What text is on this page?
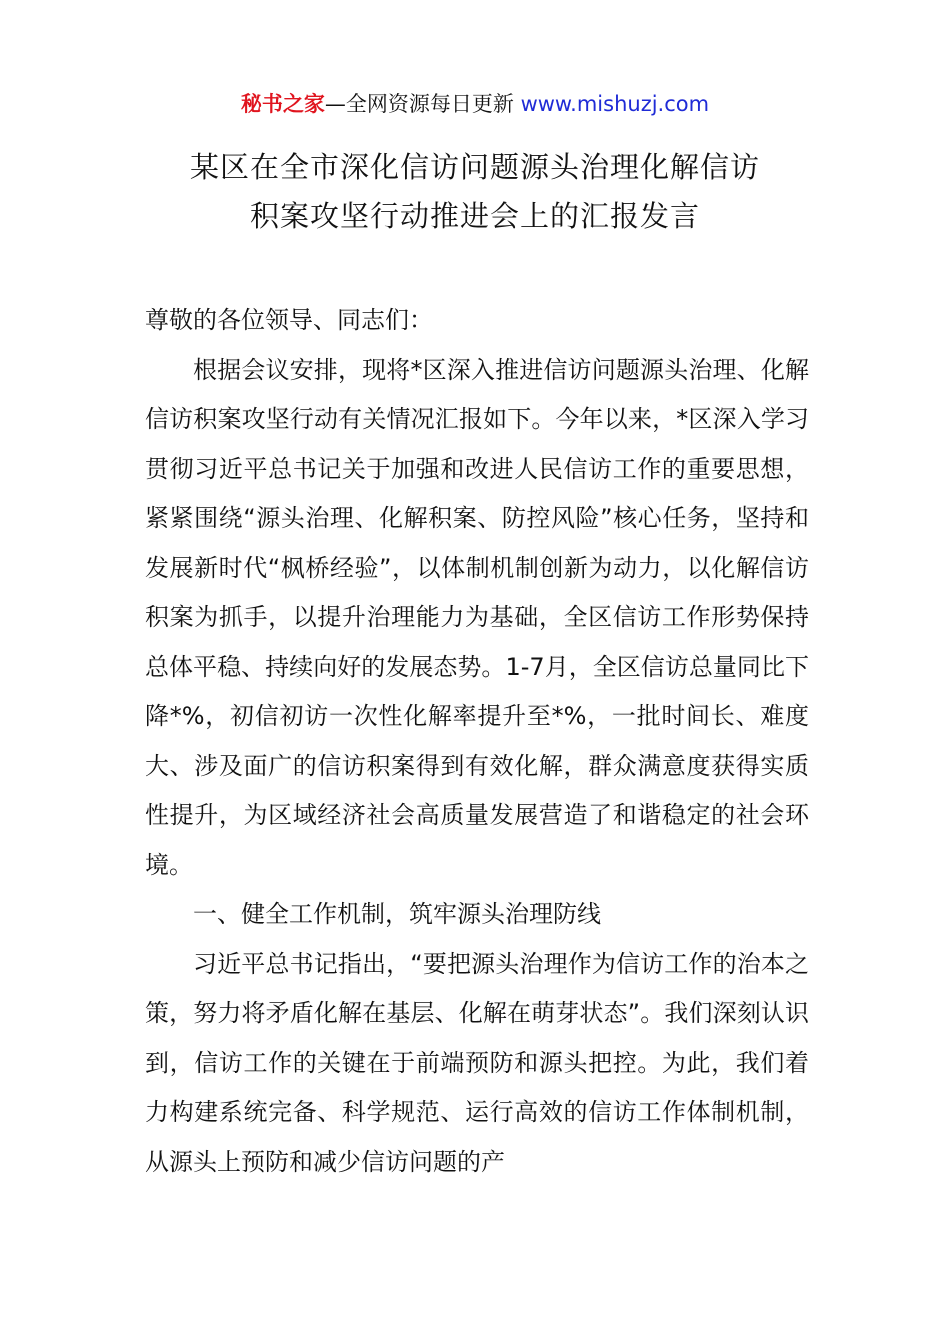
秘书之家—全网资源每日更新 www.mishuzj.com
某区在全市深化信访问题源头治理化解信访
积案攻坚行动推进会上的汇报发言

尊敬的各位领导、同志们：

根据会议安排，现将*区深入推进信访问题源头治理、化解信访积案攻坚行动有关情况汇报如下。今年以来，*区深入学习贯彻习近平总书记关于加强和改进人民信访工作的重要思想，紧紧围绕“源头治理、化解积案、防控风险”核心任务，坚持和发展新时代“枫桥经验”，以体制机制创新为动力，以化解信访积案为抓手，以提升治理能力为基础，全区信访工作形势保持总体平稳、持续向好的发展态势。1-7月，全区信访总量同比下降*%，初信初访一次性化解率提升至*%，一批时间长、难度大、涉及面广的信访积案得到有效化解，群众满意度获得实质性提升，为区域经济社会高质量发展营造了和谐稳定的社会环境。

一、健全工作机制，筑牢源头治理防线

习近平总书记指出，“要把源头治理作为信访工作的治本之策，努力将矛盾化解在基层、化解在萌芽状态”。我们深刻认识到，信访工作的关键在于前端预防和源头把控。为此，我们着力构建系统完备、科学规范、运行高效的信访工作体制机制，从源头上预防和减少信访问题的产
